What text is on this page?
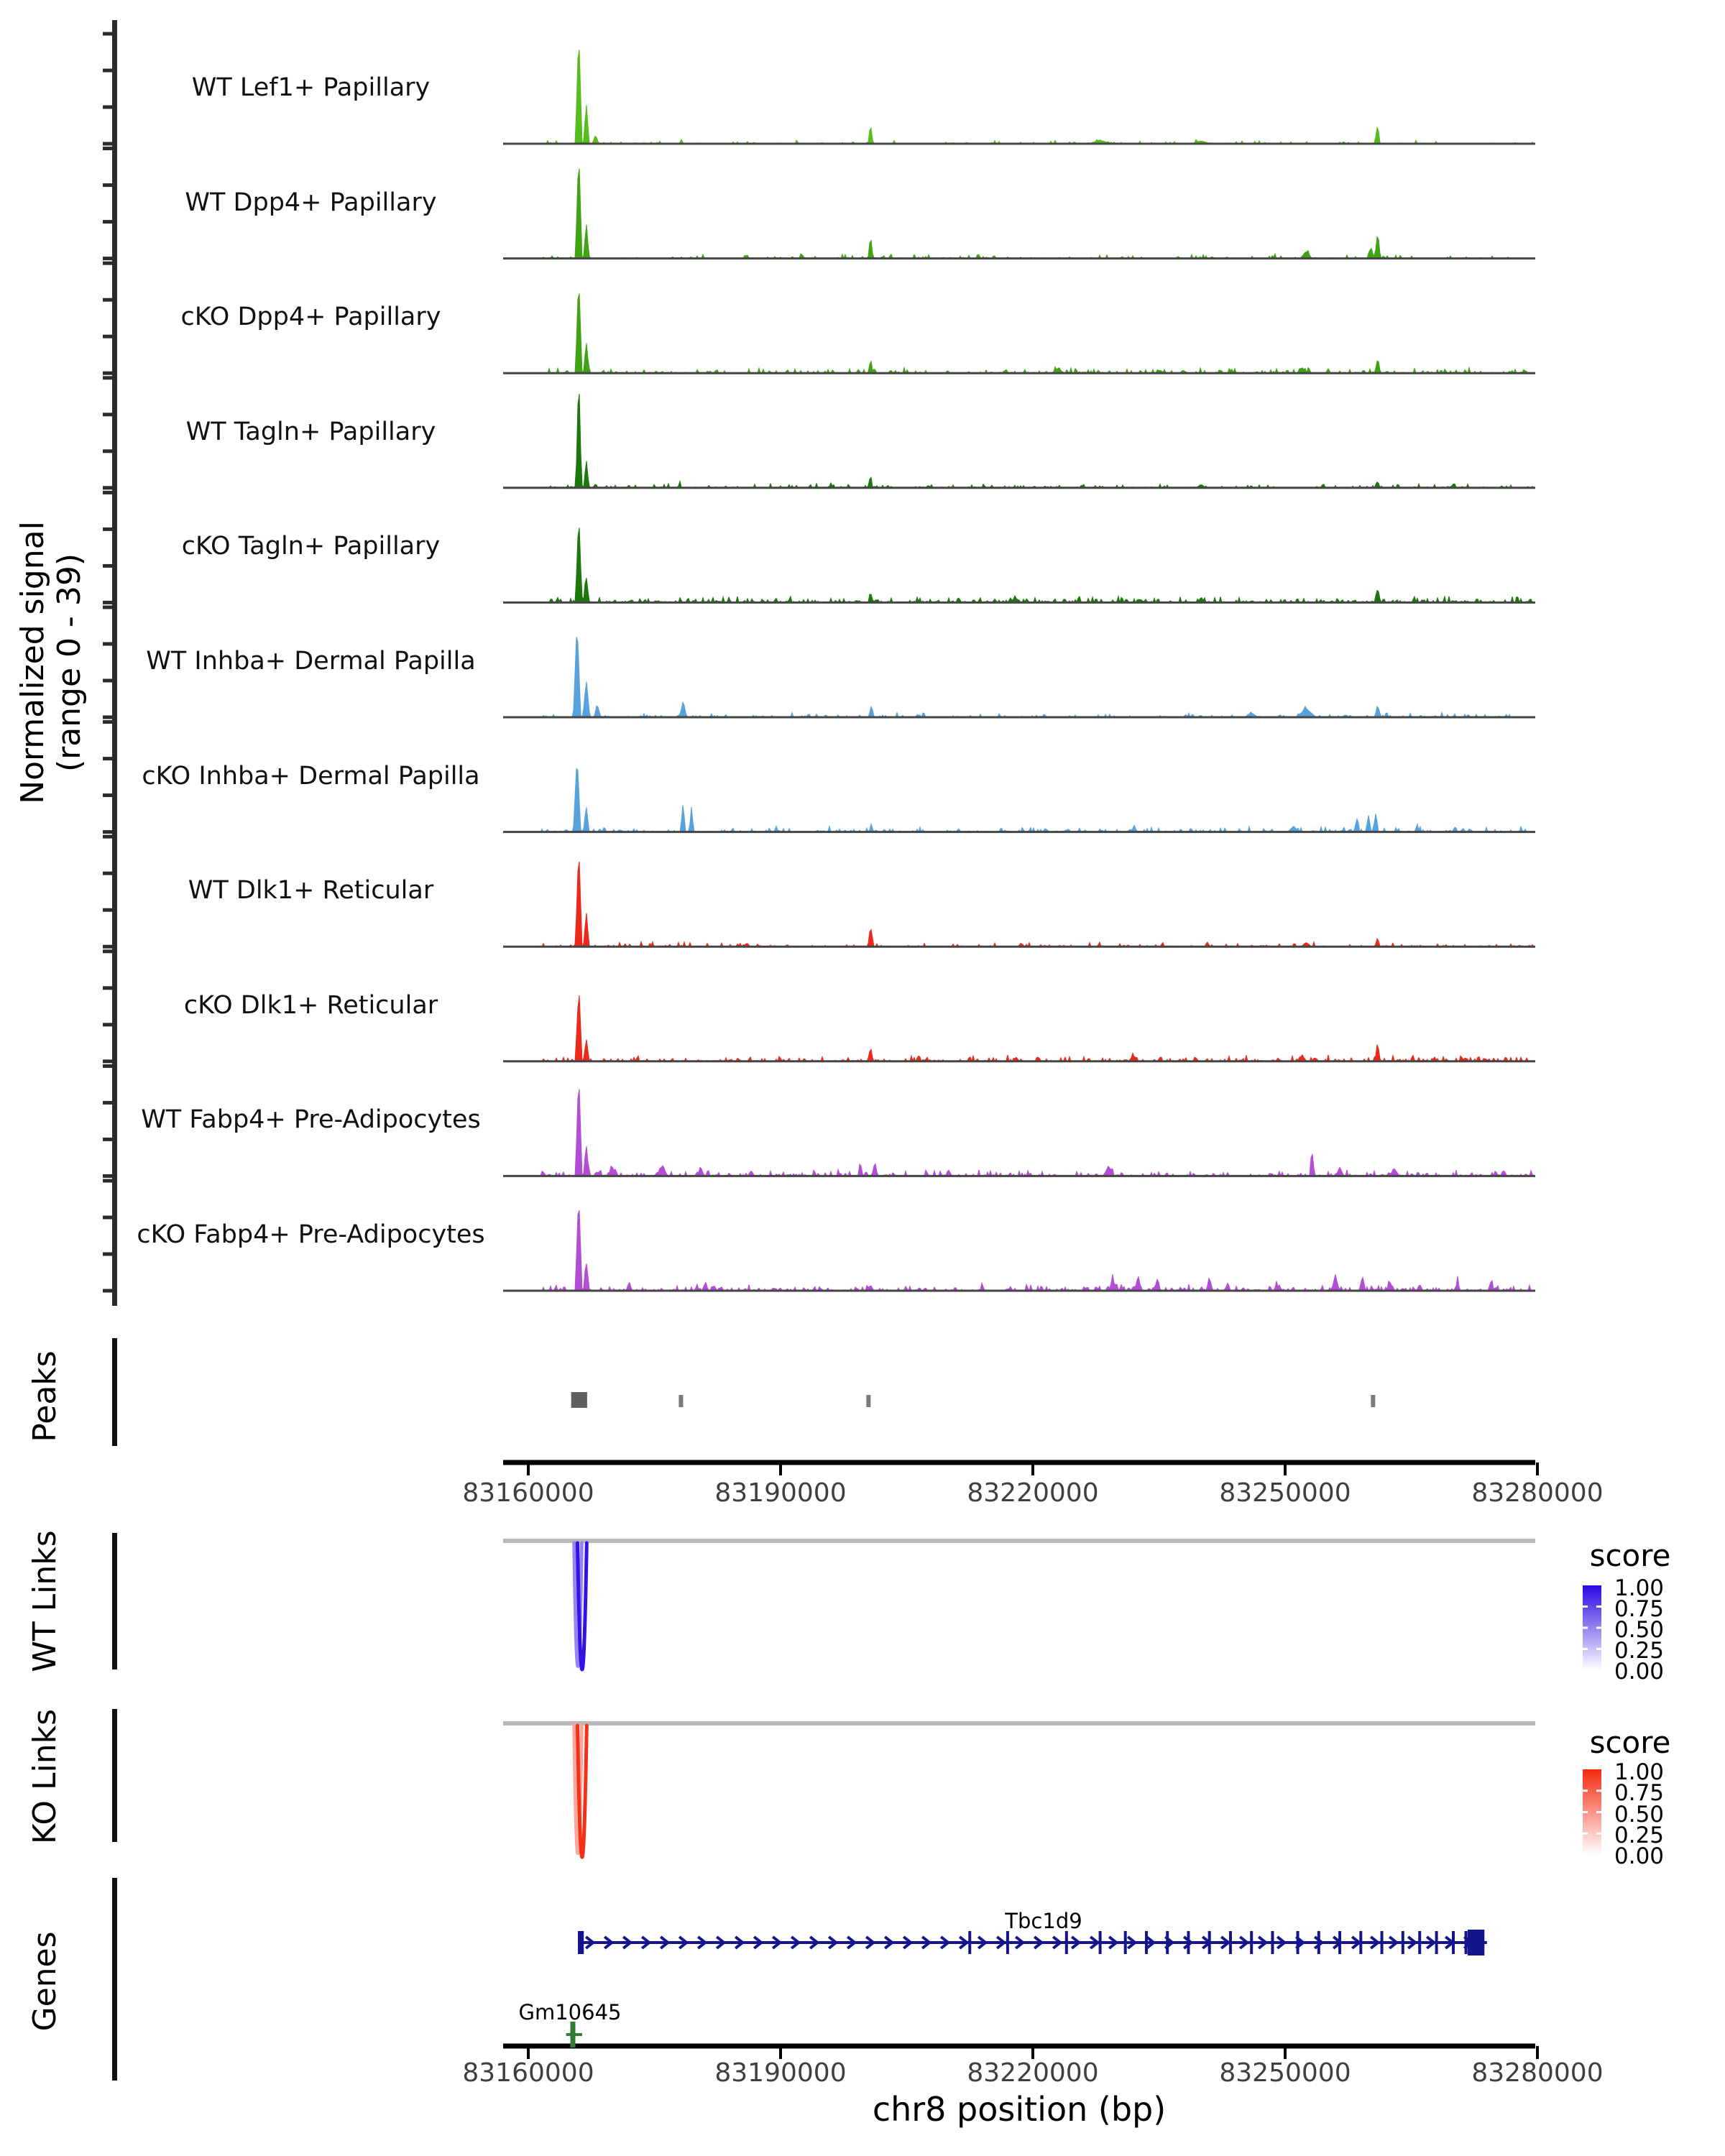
Normalized signal (range 0 - 39)
Peaks
WT Links
KO Links
Genes
WT Lef1+ Papillary
WT Dpp4+ Papillary
cKO Dpp4+ Papillary
WT Tagln+ Papillary
cKO Tagln+ Papillary
WT Inhba+ Dermal Papilla
cKO Inhba+ Dermal Papilla
WT Dlk1+ Reticular
cKO Dlk1+ Reticular
WT Fabp4+ Pre-Adipocytes
cKO Fabp4+ Pre-Adipocytes
83160000	83190000	83220000	83250000	83280000
83160000	83190000	83220000	83250000	83280000
Tbc1d9
Gm10645
score
1.00
0.75
0.50
0.25
0.00
score
1.00
0.75
0.50
0.25
0.00
chr8 position (bp)
